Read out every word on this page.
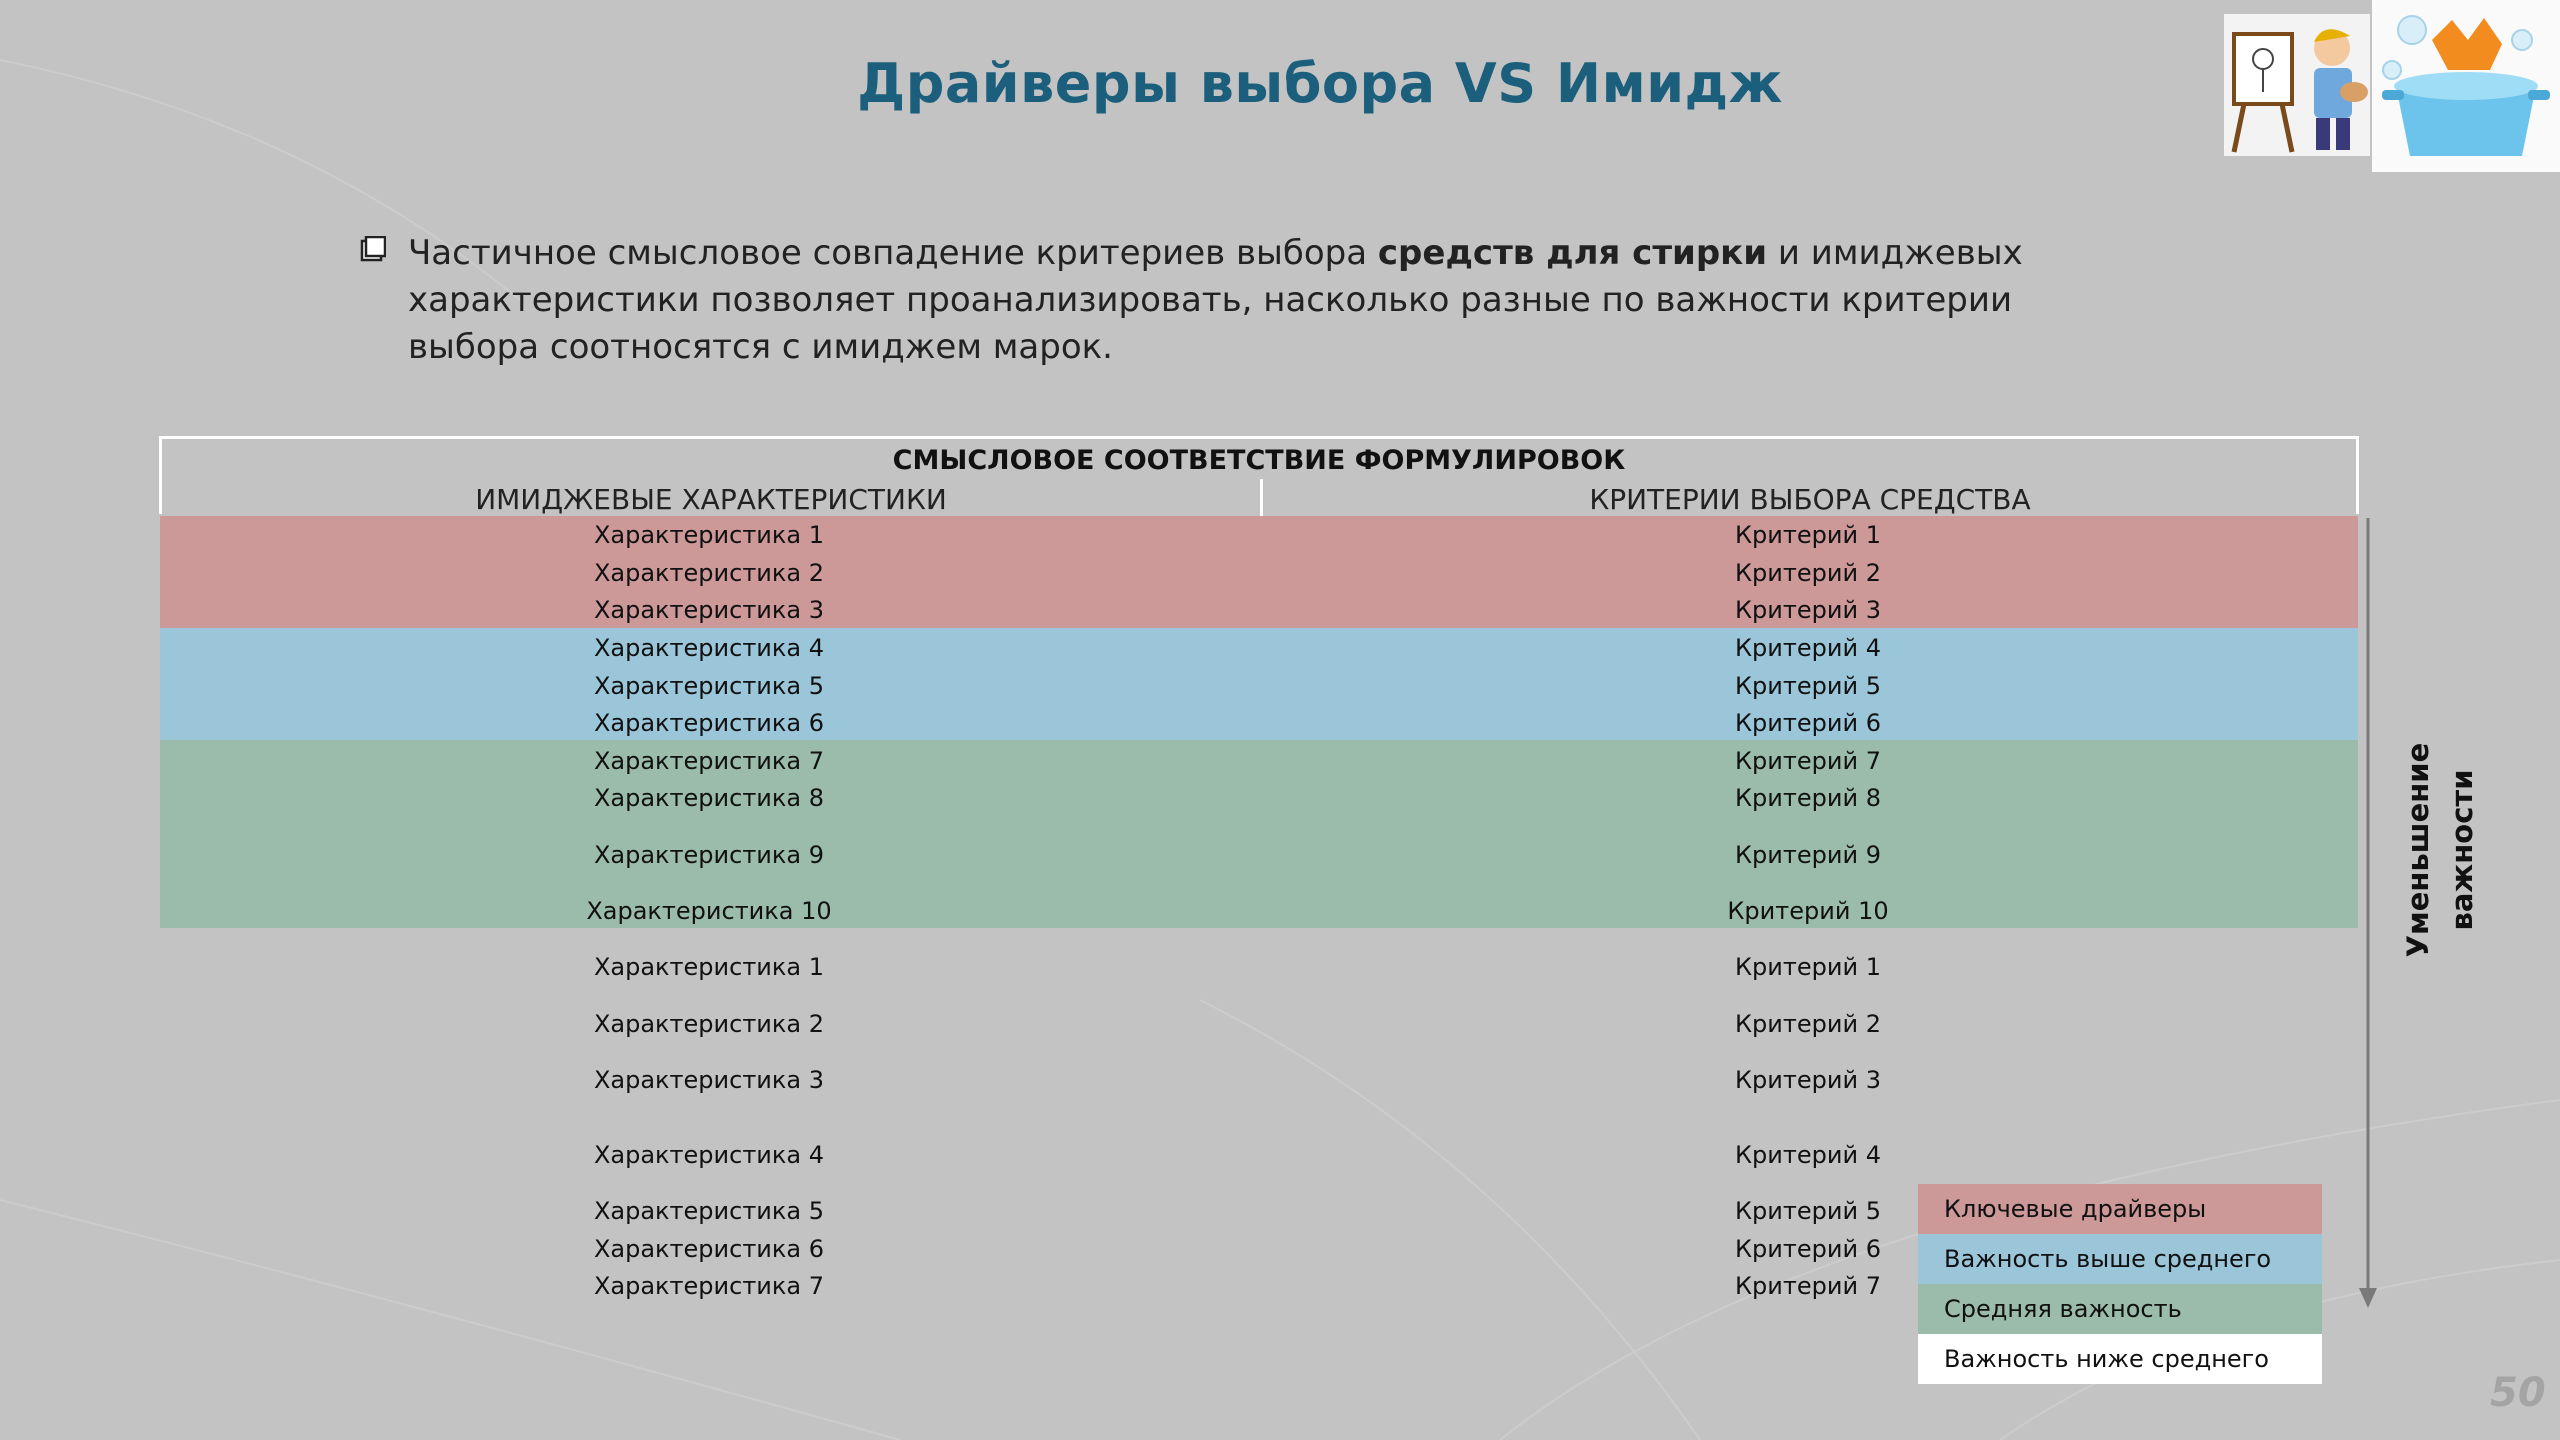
Драйверы выбора VS Имидж
Частичное смысловое совпадение критериев выбора средств для стирки и имиджевых характеристики позволяет проанализировать, насколько разные по важности критерии выбора соотносятся с имиджем марок.
СМЫСЛОВОЕ СООТВЕТСТВИЕ ФОРМУЛИРОВОК
ИМИДЖЕВЫЕ ХАРАКТЕРИСТИКИ	КРИТЕРИИ ВЫБОРА СРЕДСТВА
Характеристика 1	Критерий 1
Характеристика 2	Критерий 2
Характеристика 3	Критерий 3
Характеристика 4	Критерий 4
Характеристика 5	Критерий 5
Характеристика 6	Критерий 6
Характеристика 7	Критерий 7
Характеристика 8	Критерий 8
Характеристика 9	Критерий 9
Характеристика 10	Критерий 10
Характеристика 1	Критерий 1
Характеристика 2	Критерий 2
Характеристика 3	Критерий 3
Характеристика 4	Критерий 4
Характеристика 5	Критерий 5
Характеристика 6	Критерий 6
Характеристика 7	Критерий 7
Уменьшение важности
Ключевые драйверы
Важность выше среднего
Средняя важность
Важность ниже среднего
50
